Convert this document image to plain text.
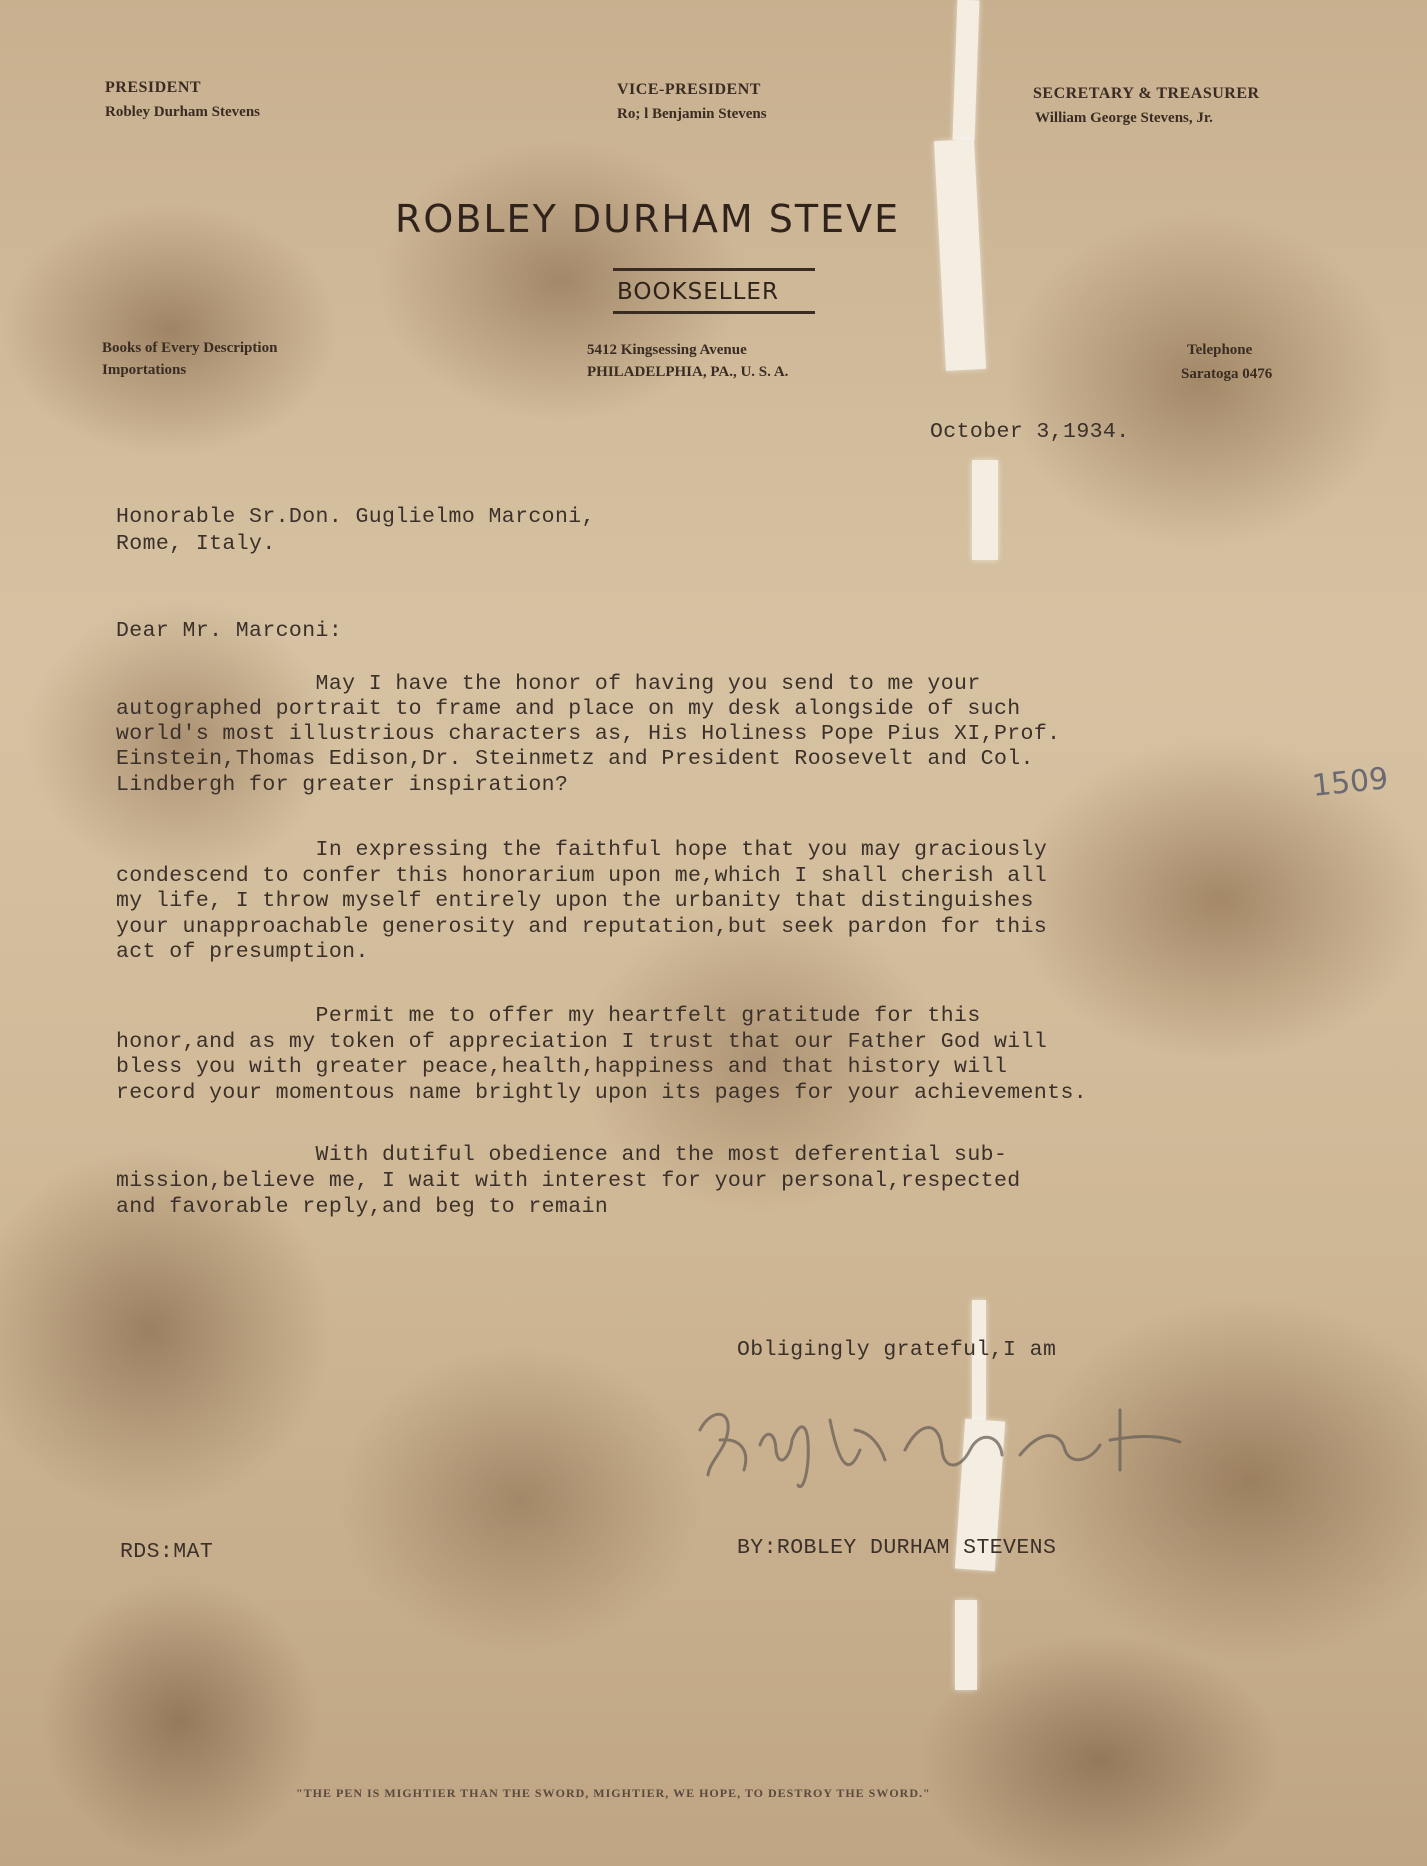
PRESIDENT
Robley Durham Stevens
VICE-PRESIDENT
Ro; l Benjamin Stevens
SECRETARY & TREASURER
William George Stevens, Jr.
ROBLEY DURHAM STEVE
BOOKSELLER
Books of Every Description
Importations
5412 Kingsessing Avenue
PHILADELPHIA, PA., U. S. A.
Telephone
Saratoga 0476
October 3,1934.
Honorable Sr.Don. Guglielmo Marconi,
Rome, Italy.
Dear Mr. Marconi:
May I have the honor of having you send to me your
autographed portrait to frame and place on my desk alongside of such
world's most illustrious characters as, His Holiness Pope Pius XI,Prof.
Einstein,Thomas Edison,Dr. Steinmetz and President Roosevelt and Col.
Lindbergh for greater inspiration?
In expressing the faithful hope that you may graciously
condescend to confer this honorarium upon me,which I shall cherish all
my life, I throw myself entirely upon the urbanity that distinguishes
your unapproachable generosity and reputation,but seek pardon for this
act of presumption.
Permit me to offer my heartfelt gratitude for this
honor,and as my token of appreciation I trust that our Father God will
bless you with greater peace,health,happiness and that history will
record your momentous name brightly upon its pages for your achievements.
With dutiful obedience and the most deferential sub-
mission,believe me, I wait with interest for your personal,respected
and favorable reply,and beg to remain
1509
Obligingly grateful,I am
RDS:MAT	BY:ROBLEY DURHAM STEVENS
"THE PEN IS MIGHTIER THAN THE SWORD, MIGHTIER, WE HOPE, TO DESTROY THE SWORD."
